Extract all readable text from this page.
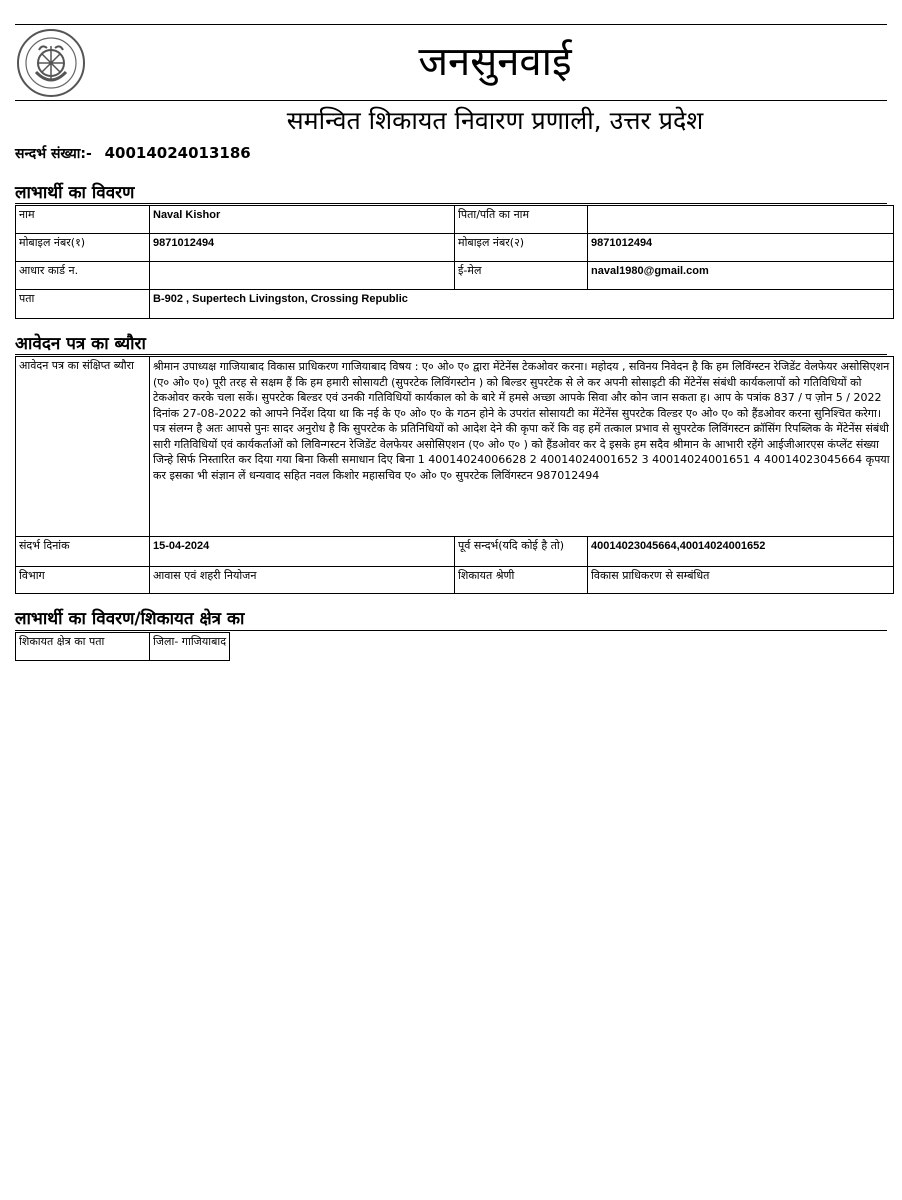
जनसुनवाई
समन्वित शिकायत निवारण प्रणाली, उत्तर प्रदेश
सन्दर्भ संख्या:- 40014024013186
लाभार्थी का विवरण
नाम	Naval Kishor	पिता/पति का नाम	
मोबाइल नंबर(१)	9871012494	मोबाइल नंबर(२)	9871012494
आधार कार्ड न.		ई-मेल	naval1980@gmail.com
पता	B-902 , Supertech Livingston, Crossing Republic		
आवेदन पत्र का ब्यौरा
आवेदन पत्र का संक्षिप्त ब्यौरा	श्रीमान उपाध्यक्ष गाजियाबाद विकास प्राधिकरण गाजियाबाद विषय : ए० ओ० ए० द्वारा मेंटेनेंस टेकओवर करना। महोदय , सविनय निवेदन है कि हम लिविंग्स्टन रेजिडेंट वेलफेयर असोसिएशन (ए० ओ० ए०) पूरी तरह से सक्षम हैं कि हम हमारी सोसायटी (सुपरटेक लिविंगस्टोन ) को बिल्डर सुपरटेक से ले कर अपनी सोसाइटी की मेंटेनेंस संबंधी कार्यकलापों को गतिविधियों को टेकओवर करके चला सकें। सुपरटेक बिल्डर एवं उनकी गतिविधियों कार्यकाल को के बारे में हमसे अच्छा आपके सिवा और कोन जान सकता ह। आप के पत्रांक 837 / प ज़ोन 5 / 2022 दिनांक 27-08-2022 को आपने निर्देश दिया था कि नई के ए० ओ० ए० के गठन होने के उपरांत सोसायटी का मेंटेनेंस सुपरटेक विल्डर ए० ओ० ए० को हैंडओवर करना सुनिश्चित करेगा। पत्र संलग्न है अतः आपसे पुनः सादर अनुरोध है कि सुपरटेक के प्रतिनिधियों को आदेश देने की कृपा करें कि वह हमें तत्काल प्रभाव से सुपरटेक लिविंगस्टन क्रॉसिंग रिपब्लिक के मेंटेनेंस संबंधी सारी गतिविधियों एवं कार्यकर्ताओं को लिविन्गस्टन रेजिडेंट वेलफेयर असोसिएशन (ए० ओ० ए० ) को हैंडओवर कर दे इसके हम सदैव श्रीमान के आभारी रहेंगे आईजीआरएस कंप्लेंट संख्या जिन्हे सिर्फ निस्तारित कर दिया गया बिना किसी समाधान दिए बिना 1 40014024006628 2 40014024001652 3 40014024001651 4 40014023045664 कृपया कर इसका भी संज्ञान लें धन्यवाद सहित नवल किशोर महासचिव ए० ओ० ए० सुपरटेक लिविंगस्टन 987012494		
संदर्भ दिनांक	15-04-2024	पूर्व सन्दर्भ(यदि कोई है तो)	40014023045664,40014024001652
विभाग	आवास एवं शहरी नियोजन	शिकायत श्रेणी	विकास प्राधिकरण से सम्बंधित
लाभार्थी का विवरण/शिकायत क्षेत्र का
शिकायत क्षेत्र का पता	जिला- गाजियाबाद
